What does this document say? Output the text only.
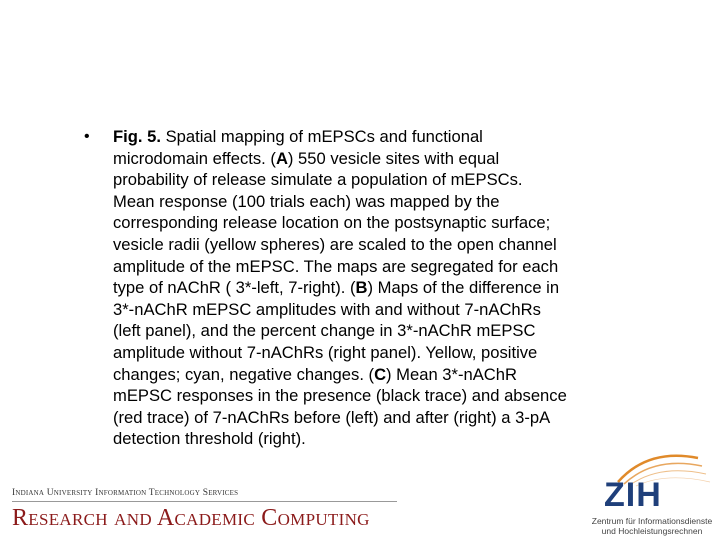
•	Fig. 5. Spatial mapping of mEPSCs and functional
microdomain effects. (A) 550 vesicle sites with equal
probability of release simulate a population of mEPSCs.
Mean response (100 trials each) was mapped by the
corresponding release location on the postsynaptic surface;
vesicle radii (yellow spheres) are scaled to the open channel
amplitude of the mEPSC. The maps are segregated for each
type of nAChR ( 3*-left, 7-right). (B) Maps of the difference in
3*-nAChR mEPSC amplitudes with and without 7-nAChRs
(left panel), and the percent change in 3*-nAChR mEPSC
amplitude without 7-nAChRs (right panel). Yellow, positive
changes; cyan, negative changes. (C) Mean 3*-nAChR
mEPSC responses in the presence (black trace) and absence
(red trace) of 7-nAChRs before (left) and after (right) a 3-pA
detection threshold (right).
Indiana University Information Technology Services
Research and Academic Computing
ZIH
Zentrum für Informationsdienste
und Hochleistungsrechnen
